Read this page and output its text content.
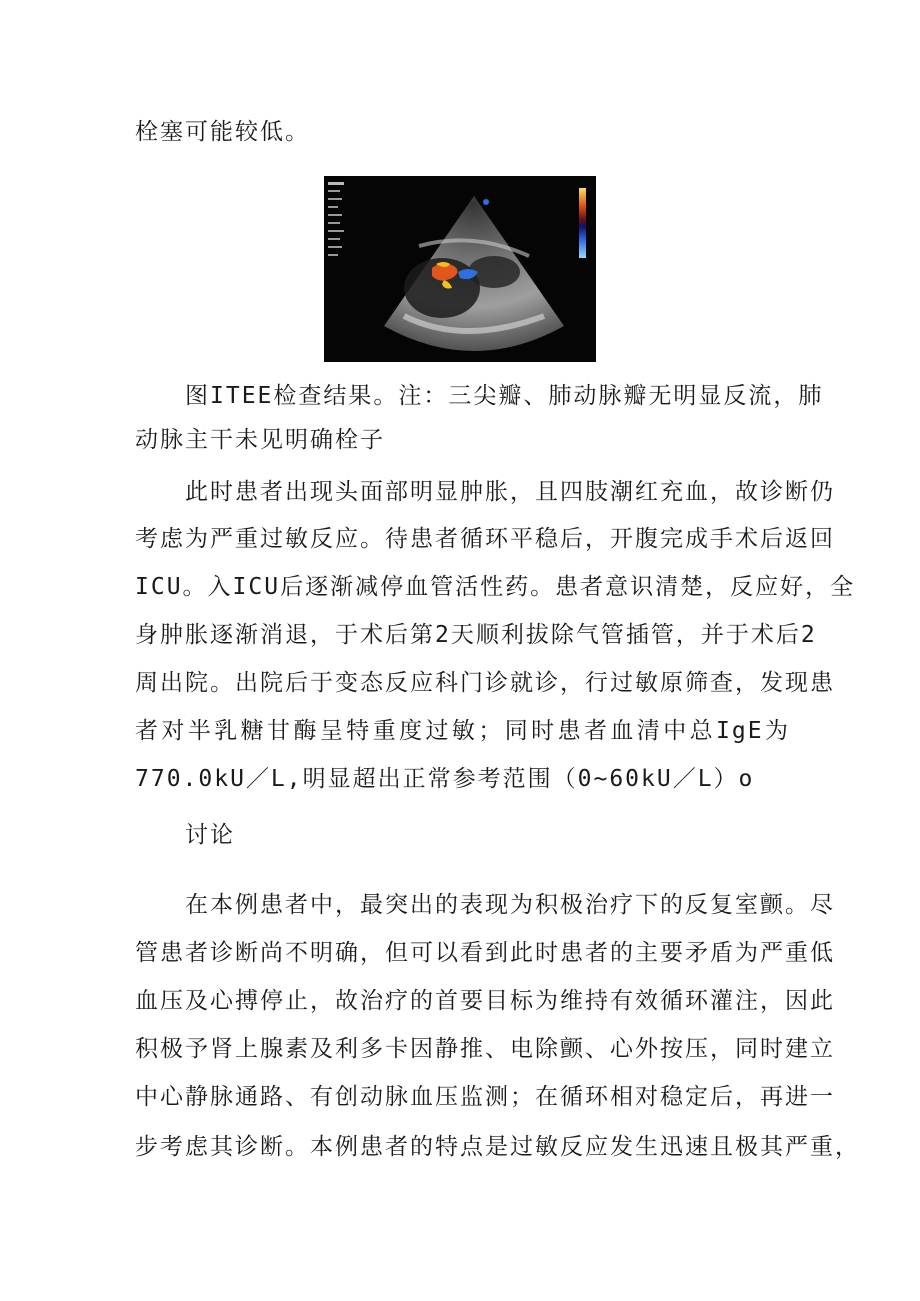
栓塞可能较低。
图ITEE检查结果。注：三尖瓣、肺动脉瓣无明显反流，肺
动脉主干未见明确栓子
此时患者出现头面部明显肿胀，且四肢潮红充血，故诊断仍
考虑为严重过敏反应。待患者循环平稳后，开腹完成手术后返回
ICU。入ICU后逐渐减停血管活性药。患者意识清楚，反应好，全
身肿胀逐渐消退，于术后第2天顺利拔除气管插管，并于术后2
周出院。出院后于变态反应科门诊就诊，行过敏原筛查，发现患
者对半乳糖甘酶呈特重度过敏；同时患者血清中总IgE为
770.0kU／L,明显超出正常参考范围（0~60kU／L）o
讨论
在本例患者中，最突出的表现为积极治疗下的反复室颤。尽
管患者诊断尚不明确，但可以看到此时患者的主要矛盾为严重低
血压及心搏停止，故治疗的首要目标为维持有效循环灌注，因此
积极予肾上腺素及利多卡因静推、电除颤、心外按压，同时建立
中心静脉通路、有创动脉血压监测；在循环相对稳定后，再进一
步考虑其诊断。本例患者的特点是过敏反应发生迅速且极其严重，
